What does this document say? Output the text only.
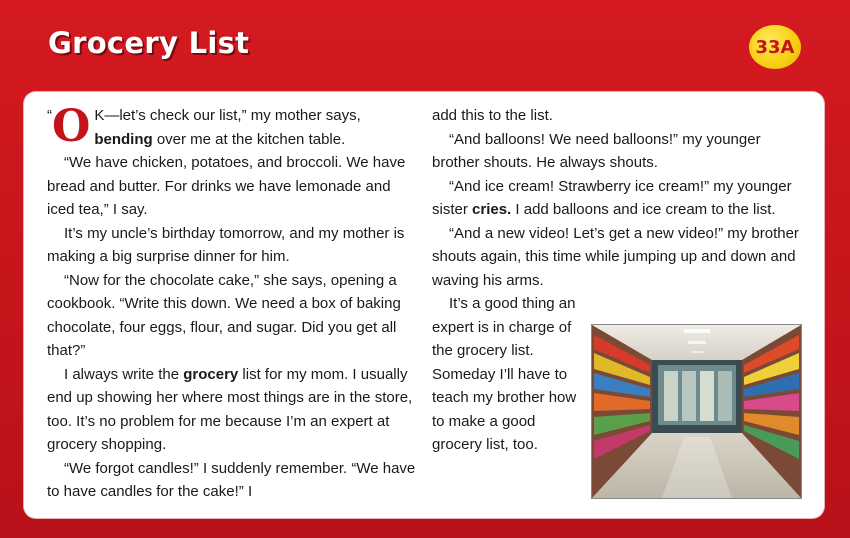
Grocery List	33A

“ O K—let’s check our list,” my mother says, bending over me at the kitchen table.

“We have chicken, potatoes, and broccoli. We have bread and butter. For drinks we have lemonade and iced tea,” I say.

It’s my uncle’s birthday tomorrow, and my mother is making a big surprise dinner for him.

“Now for the chocolate cake,” she says, opening a cookbook. “Write this down. We need a box of baking chocolate, four eggs, flour, and sugar. Did you get all that?”

I always write the grocery list for my mom. I usually end up showing her where most things are in the store, too. It’s no problem for me because I’m an expert at grocery shopping.

“We forgot candles!” I suddenly remember. “We have to have candles for the cake!” I

add this to the list.

“And balloons! We need balloons!” my younger brother shouts. He always shouts.

“And ice cream! Strawberry ice cream!” my younger sister cries. I add balloons and ice cream to the list.

“And a new video! Let’s get a new video!” my brother shouts again, this time while jumping up and down and waving his arms.

It’s a good thing an expert is in charge of the grocery list. Someday I’ll have to teach my brother how to make a good grocery list, too.
